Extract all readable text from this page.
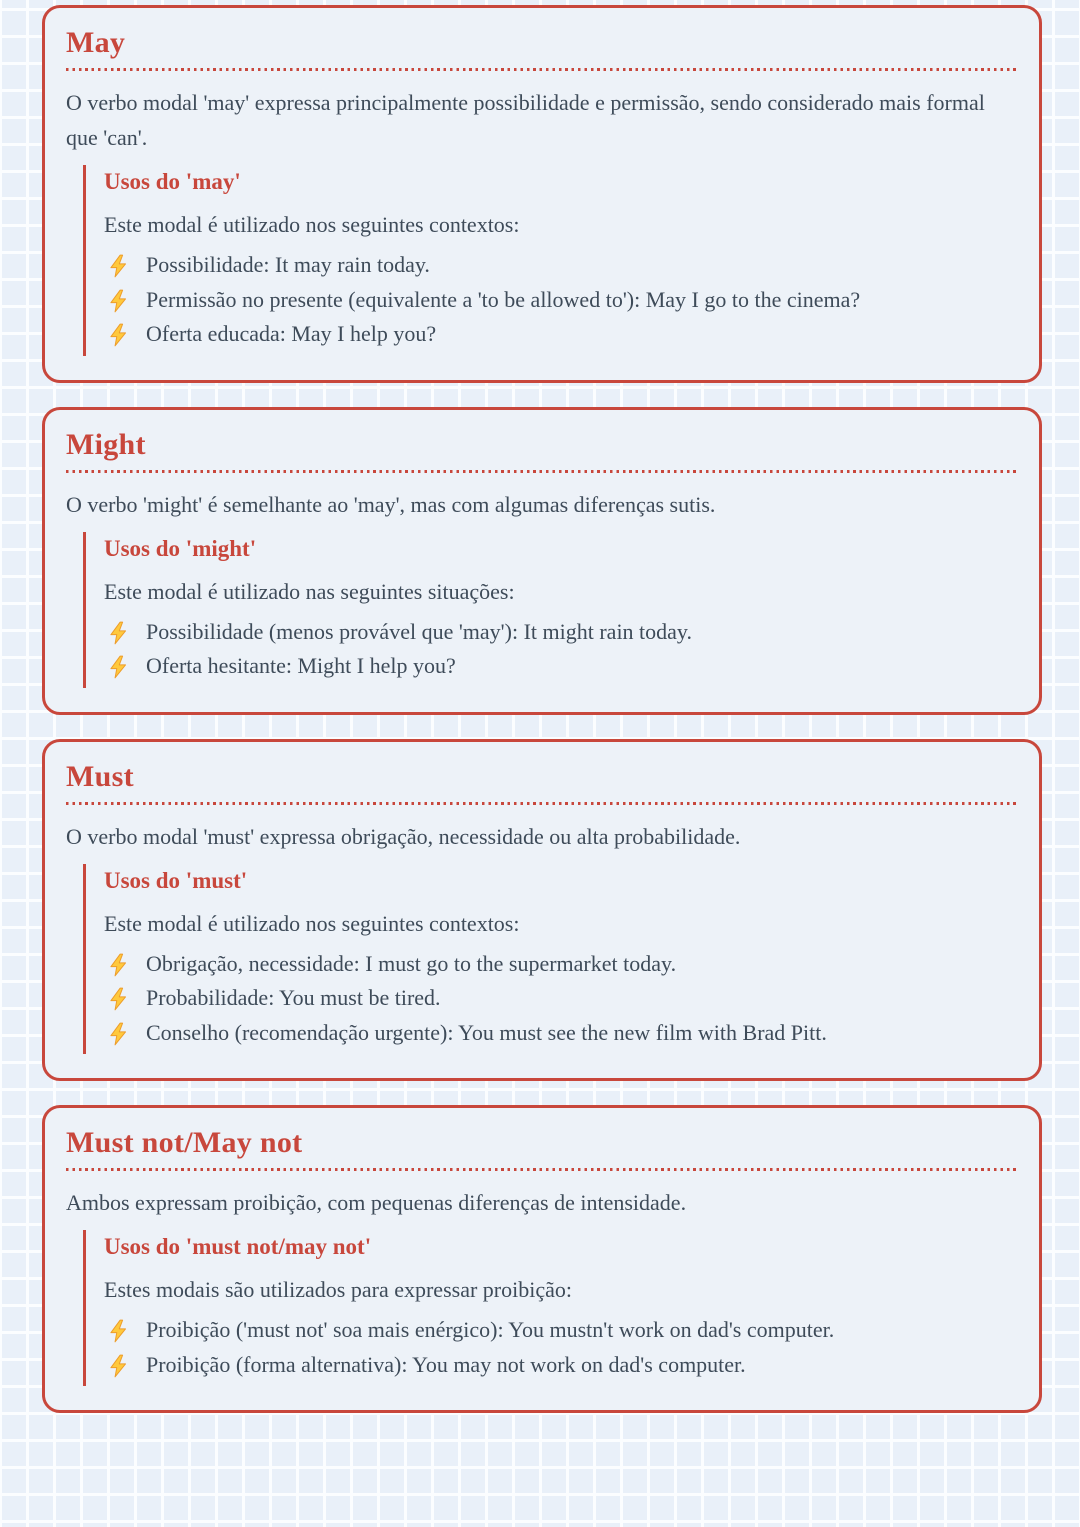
May

O verbo modal 'may' expressa principalmente possibilidade e permissão, sendo considerado mais formal que 'can'.

Usos do 'may'

Este modal é utilizado nos seguintes contextos:

Possibilidade: It may rain today.
Permissão no presente (equivalente a 'to be allowed to'): May I go to the cinema?
Oferta educada: May I help you?
Might

O verbo 'might' é semelhante ao 'may', mas com algumas diferenças sutis.

Usos do 'might'

Este modal é utilizado nas seguintes situações:

Possibilidade (menos provável que 'may'): It might rain today.
Oferta hesitante: Might I help you?
Must

O verbo modal 'must' expressa obrigação, necessidade ou alta probabilidade.

Usos do 'must'

Este modal é utilizado nos seguintes contextos:

Obrigação, necessidade: I must go to the supermarket today.
Probabilidade: You must be tired.
Conselho (recomendação urgente): You must see the new film with Brad Pitt.
Must not/May not

Ambos expressam proibição, com pequenas diferenças de intensidade.

Usos do 'must not/may not'

Estes modais são utilizados para expressar proibição:

Proibição ('must not' soa mais enérgico): You mustn't work on dad's computer.
Proibição (forma alternativa): You may not work on dad's computer.
